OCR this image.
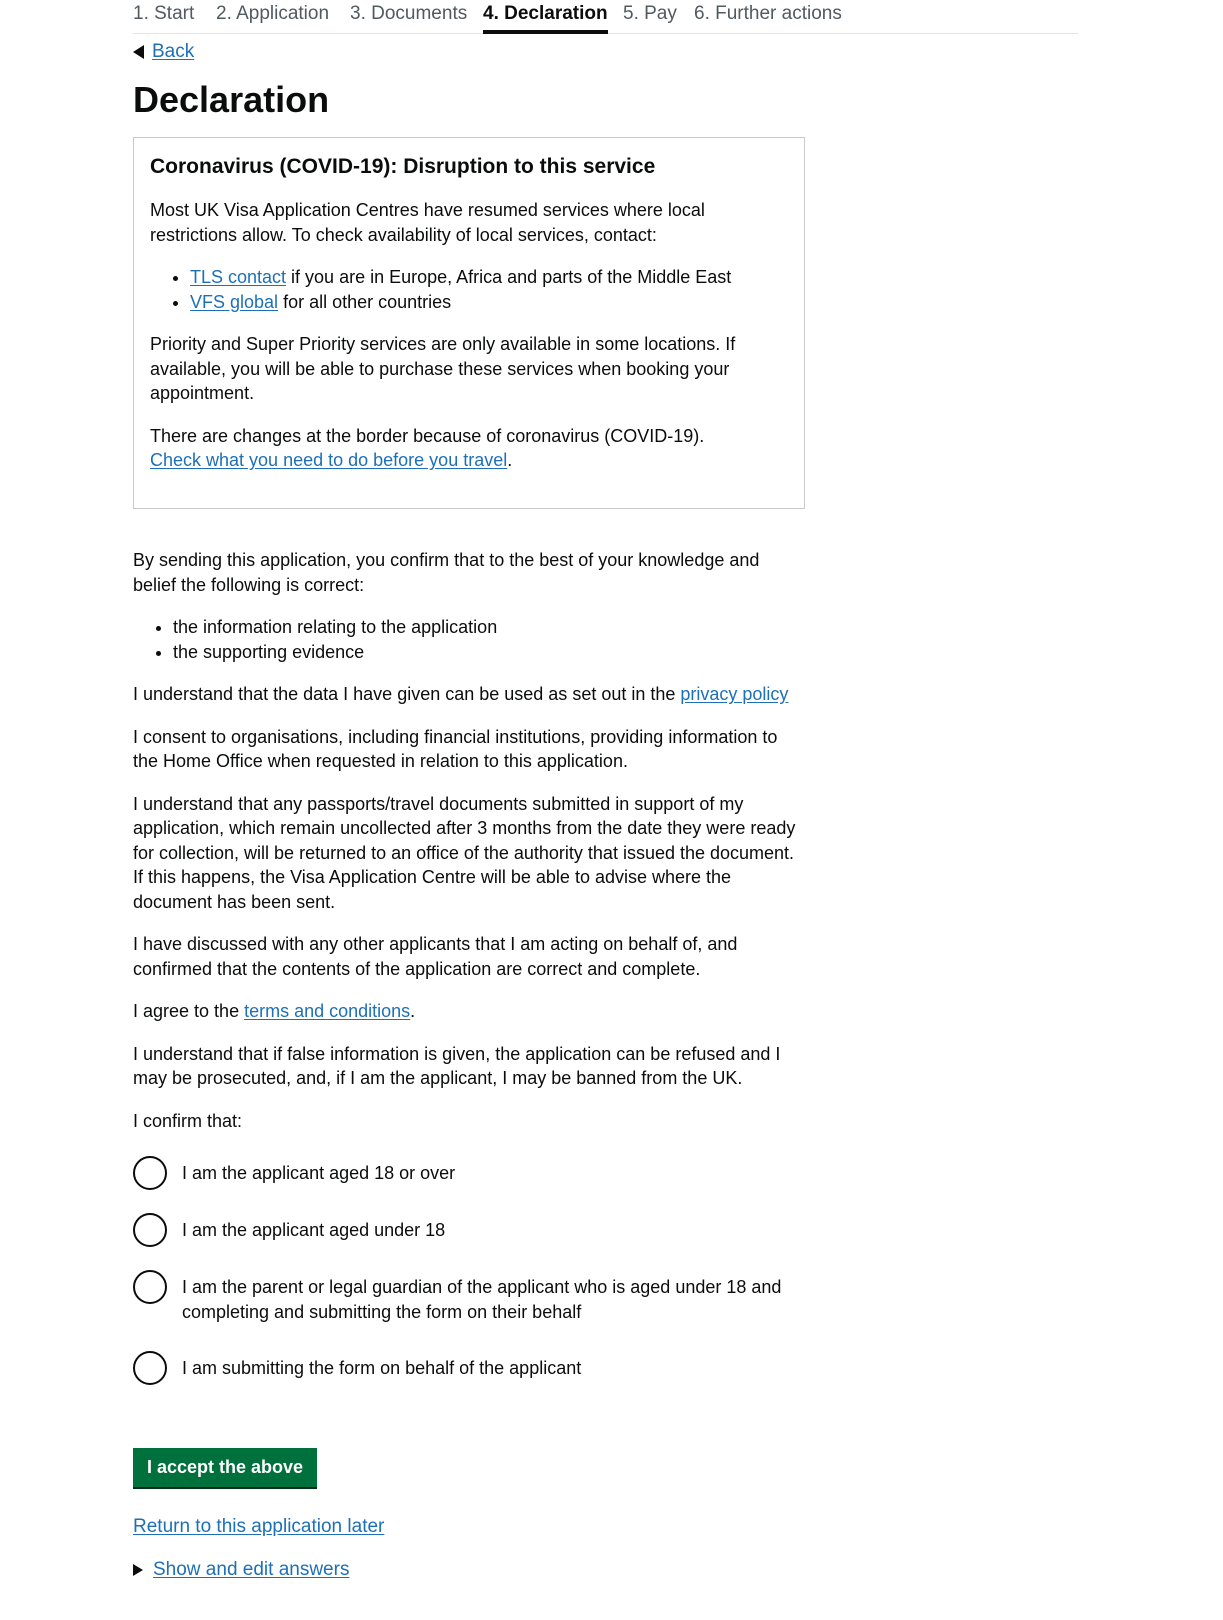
1. Start 2. Application 3. Documents 4. Declaration 5. Pay 6. Further actions
Back
Declaration
Coronavirus (COVID-19): Disruption to this service

Most UK Visa Application Centres have resumed services where local restrictions allow. To check availability of local services, contact:

• TLS contact if you are in Europe, Africa and parts of the Middle East
• VFS global for all other countries

Priority and Super Priority services are only available in some locations. If available, you will be able to purchase these services when booking your appointment.

There are changes at the border because of coronavirus (COVID-19). Check what you need to do before you travel.

By sending this application, you confirm that to the best of your knowledge and belief the following is correct:

• the information relating to the application
• the supporting evidence

I understand that the data I have given can be used as set out in the privacy policy

I consent to organisations, including financial institutions, providing information to the Home Office when requested in relation to this application.

I understand that any passports/travel documents submitted in support of my application, which remain uncollected after 3 months from the date they were ready for collection, will be returned to an office of the authority that issued the document. If this happens, the Visa Application Centre will be able to advise where the document has been sent.

I have discussed with any other applicants that I am acting on behalf of, and confirmed that the contents of the application are correct and complete.

I agree to the terms and conditions.

I understand that if false information is given, the application can be refused and I may be prosecuted, and, if I am the applicant, I may be banned from the UK.

I confirm that:

I am the applicant aged 18 or over
I am the applicant aged under 18
I am the parent or legal guardian of the applicant who is aged under 18 and completing and submitting the form on their behalf
I am submitting the form on behalf of the applicant
I accept the above
Return to this application later
Show and edit answers
